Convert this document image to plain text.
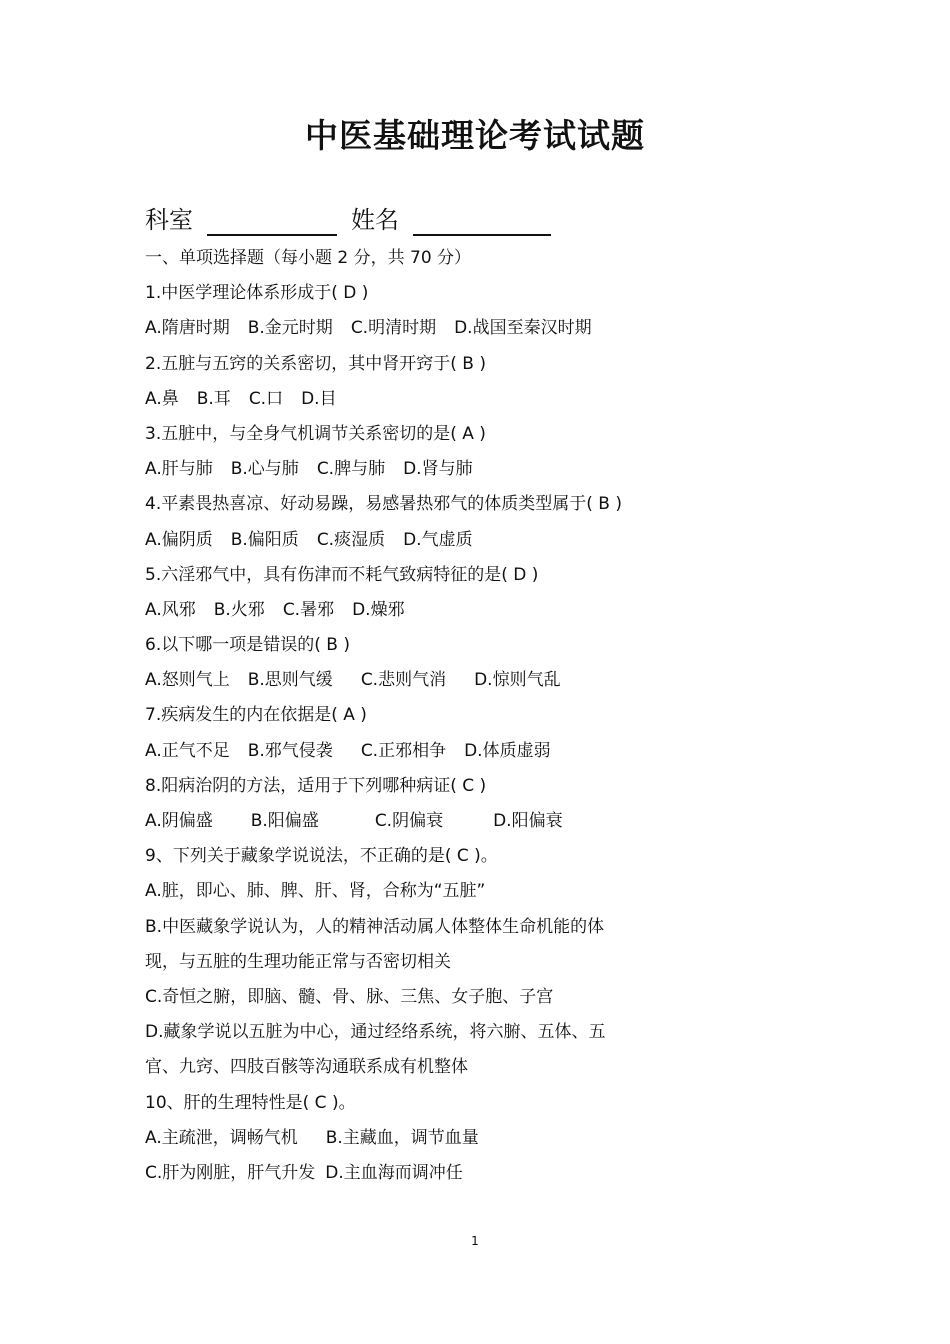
中医基础理论考试试题
科室	姓名
一、单项选择题（每小题 2 分，共 70 分）
1.中医学理论体系形成于( D )
A.隋唐时期 B.金元时期 C.明清时期 D.战国至秦汉时期
2.五脏与五窍的关系密切，其中肾开窍于( B )
A.鼻 B.耳 C.口 D.目
3.五脏中，与全身气机调节关系密切的是( A )
A.肝与肺 B.心与肺 C.脾与肺 D.肾与肺
4.平素畏热喜凉、好动易躁，易感暑热邪气的体质类型属于( B )
A.偏阴质 B.偏阳质 C.痰湿质 D.气虚质
5.六淫邪气中，具有伤津而不耗气致病特征的是( D )
A.风邪 B.火邪 C.暑邪 D.燥邪
6.以下哪一项是错误的( B )
A.怒则气上 B.思则气缓 C.悲则气消 D.惊则气乱
7.疾病发生的内在依据是( A )
A.正气不足 B.邪气侵袭 C.正邪相争 D.体质虚弱
8.阳病治阴的方法，适用于下列哪种病证( C )
A.阴偏盛 B.阳偏盛	C.阴偏衰	D.阳偏衰
9、下列关于藏象学说说法，不正确的是( C )。
A.脏，即心、肺、脾、肝、肾，合称为“五脏”
B.中医藏象学说认为，人的精神活动属人体整体生命机能的体
现，与五脏的生理功能正常与否密切相关
C.奇恒之腑，即脑、髓、骨、脉、三焦、女子胞、子宫
D.藏象学说以五脏为中心，通过经络系统，将六腑、五体、五
官、九窍、四肢百骸等沟通联系成有机整体
10、肝的生理特性是( C )。
A.主疏泄，调畅气机 B.主藏血，调节血量
C.肝为刚脏，肝气升发 D.主血海而调冲任
1
